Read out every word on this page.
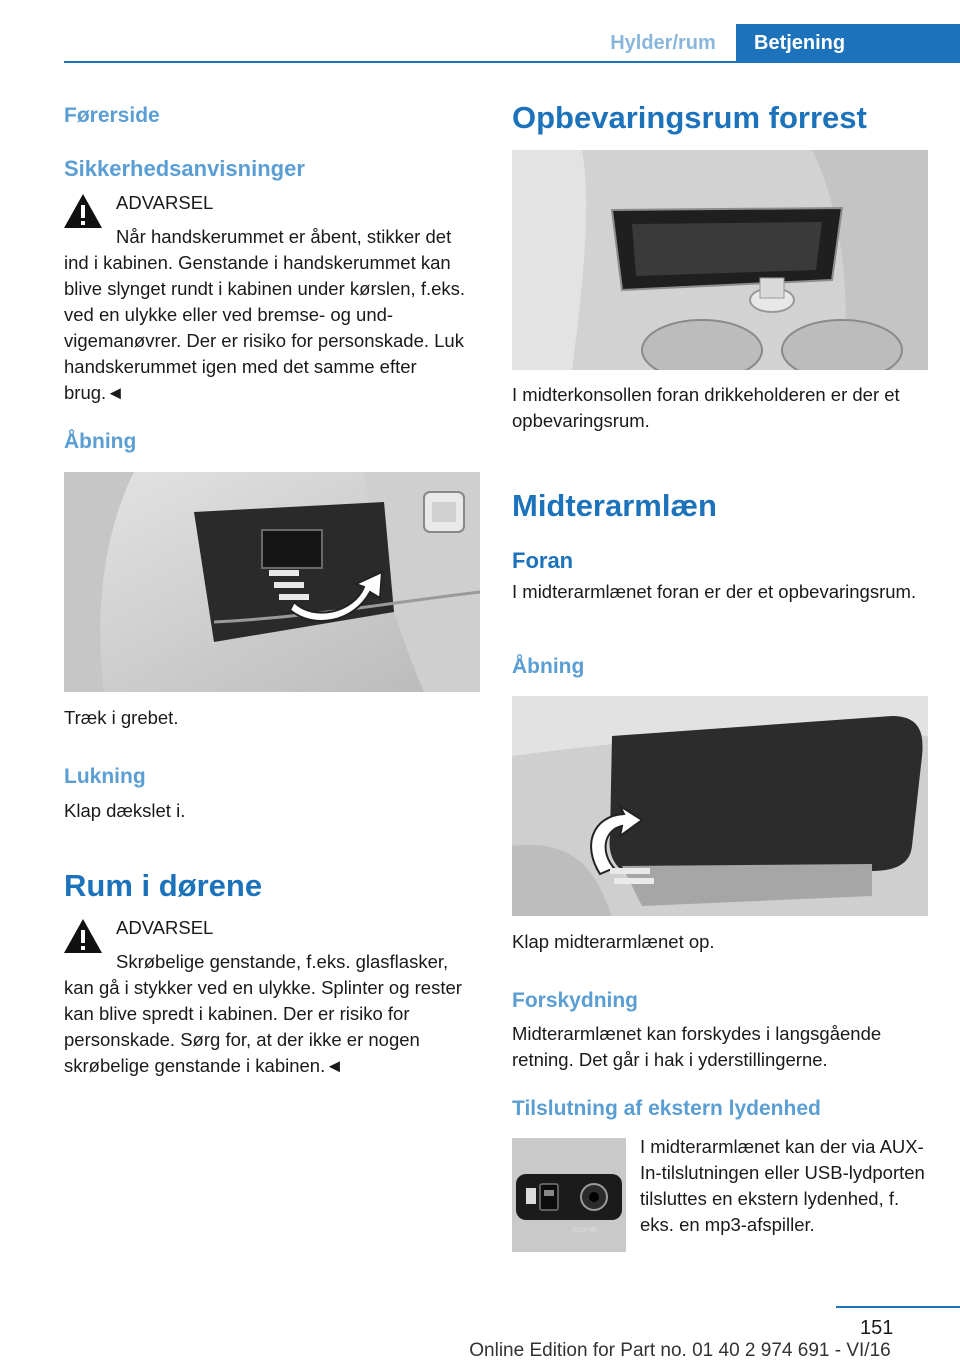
Hylder/rum	Betjening
Førerside
Sikkerhedsanvisninger
ADVARSEL
Når handskerummet er åbent, stikker det

ind i kabinen. Genstande i handskerummet kan blive slynget rundt i kabinen under kørslen, f.eks. ved en ulykke eller ved bremse- og undvigemanøvrer. Der er risiko for personskade. Luk handskerummet igen med det samme efter brug.◄

Åbning
Træk i grebet.
Lukning
Klap dækslet i.
Rum i dørene
ADVARSEL
Skrøbelige genstande, f.eks. glasflasker,

kan gå i stykker ved en ulykke. Splinter og rester kan blive spredt i kabinen. Der er risiko for personskade. Sørg for, at der ikke er nogen skrøbelige genstande i kabinen.◄

Opbevaringsrum forrest

I midterkonsollen foran drikkeholderen er der et opbevaringsrum.

Midterarmlæn
Foran

I midterarmlænet foran er der et opbevaringsrum.

Åbning
Klap midterarmlænet op.
Forskydning

Midterarmlænet kan forskydes i langsgående retning. Det går i hak i yderstillingerne.

Tilslutning af ekstern lydenhed
AUX-IN

I midterarmlænet kan der via AUX-In-tilslutningen eller USB-lydporten tilsluttes en ekstern lydenhed, f. eks. en mp3-afspiller.

151
Online Edition for Part no. 01 40 2 974 691 - VI/16
